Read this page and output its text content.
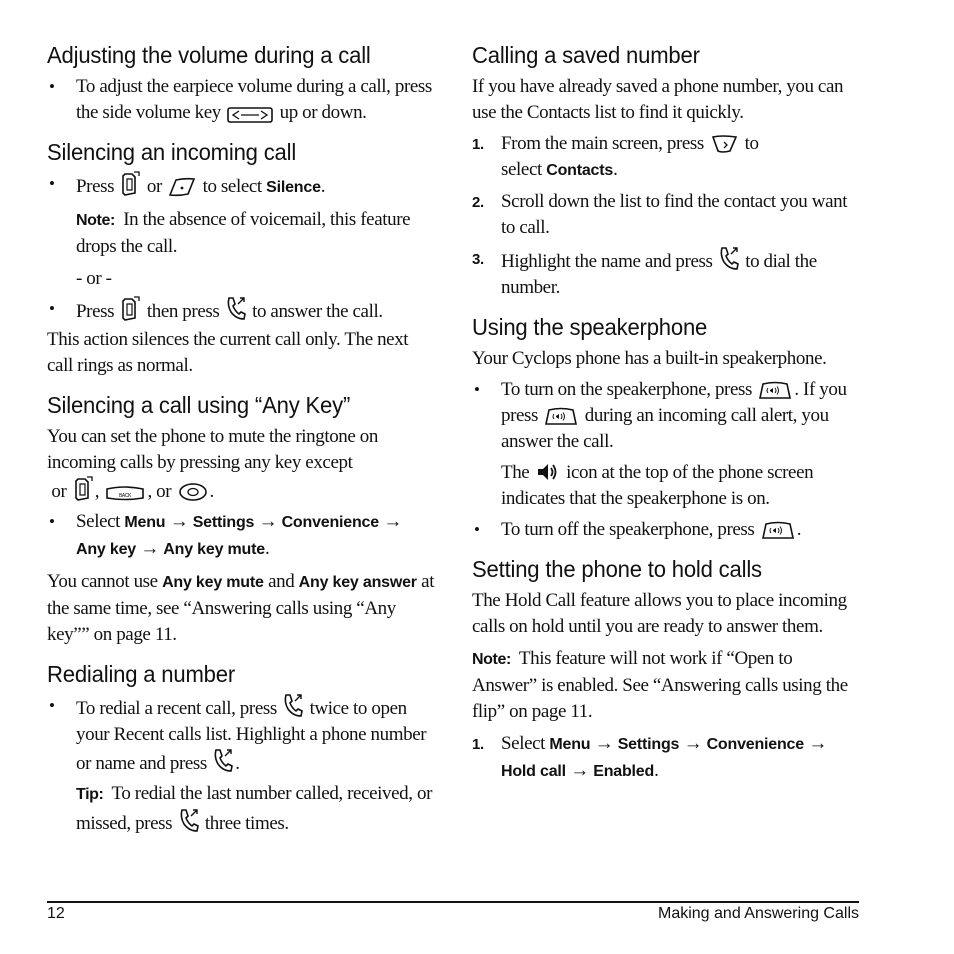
Adjusting the volume during a call
• To adjust the earpiece volume during a call, press the side volume key	up or down.
Silencing an incoming call
• Press or to select Silence.
Note: In the absence of voicemail, this feature drops the call.
- or -
• Press then press to answer the call.

This action silences the current call only. The next call rings as normal.

Silencing a call using “Any Key”
You can set the phone to mute the ringtone on incoming calls by pressing any key except
or ,
, or .
• Select Menu → Settings → Convenience → Any key → Any key mute.

You cannot use Any key mute and Any key answer at the same time, see “Answering calls using “Any key”” on page 11.

Redialing a number
• To redial a recent call, press twice to open your Recent calls list. Highlight a phone number or name and press .
Tip: To redial the last number called, received, or missed, press three times.
Calling a saved number

If you have already saved a phone number, you can use the Contacts list to find it quickly.

1. From the main screen, press to
select Contacts.
2. Scroll down the list to find the contact you want to call.
3. Highlight the name and press to dial the number.
Using the speakerphone

Your Cyclops phone has a built-in speakerphone.

• To turn on the speakerphone, press . If you press during an incoming call alert, you answer the call.
The icon at the top of the phone screen indicates that the speakerphone is on.
• To turn off the speakerphone, press .
Setting the phone to hold calls

The Hold Call feature allows you to place incoming calls on hold until you are ready to answer them.

Note: This feature will not work if “Open to Answer” is enabled. See “Answering calls using the flip” on page 11.

1. Select Menu → Settings → Convenience → Hold call → Enabled.
12	Making and Answering Calls
